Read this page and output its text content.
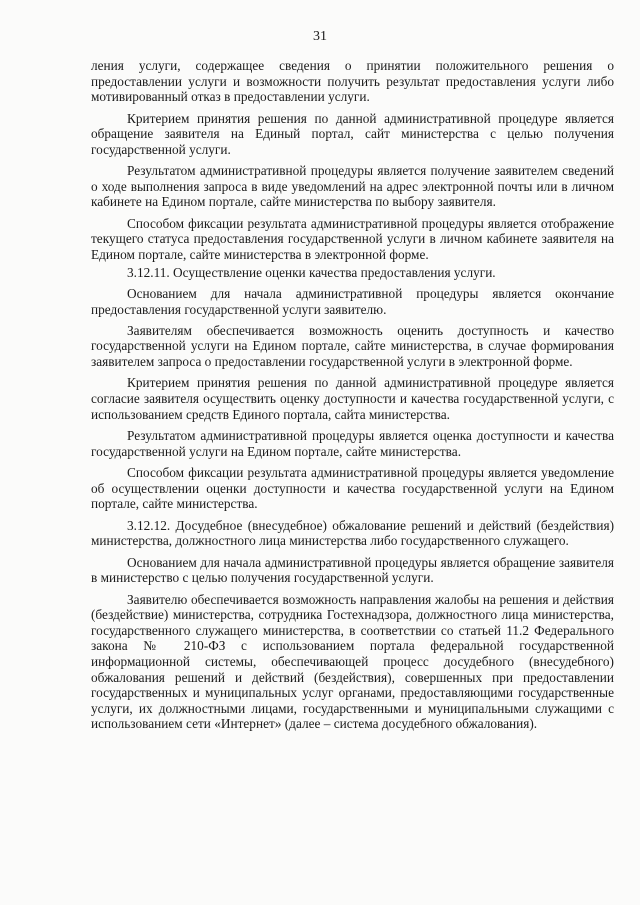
31

ления услуги, содержащее сведения о принятии положительного решения о предоставлении услуги и возможности получить результат предоставления услуги либо мотивированный отказ в предоставлении услуги.

Критерием принятия решения по данной административной процедуре является обращение заявителя на Единый портал, сайт министерства с целью получения государственной услуги.

Результатом административной процедуры является получение заявителем сведений о ходе выполнения запроса в виде уведомлений на адрес электронной почты или в личном кабинете на Едином портале, сайте министерства по выбору заявителя.

Способом фиксации результата административной процедуры является отображение текущего статуса предоставления государственной услуги в личном кабинете заявителя на Едином портале, сайте министерства в электронной форме.

3.12.11. Осуществление оценки качества предоставления услуги.

Основанием для начала административной процедуры является окончание предоставления государственной услуги заявителю.

Заявителям обеспечивается возможность оценить доступность и качество государственной услуги на Едином портале, сайте министерства, в случае формирования заявителем запроса о предоставлении государственной услуги в электронной форме.

Критерием принятия решения по данной административной процедуре является согласие заявителя осуществить оценку доступности и качества государственной услуги, с использованием средств Единого портала, сайта министерства.

Результатом административной процедуры является оценка доступности и качества государственной услуги на Едином портале, сайте министерства.

Способом фиксации результата административной процедуры является уведомление об осуществлении оценки доступности и качества государственной услуги на Едином портале, сайте министерства.

3.12.12. Досудебное (внесудебное) обжалование решений и действий (бездействия) министерства, должностного лица министерства либо государственного служащего.

Основанием для начала административной процедуры является обращение заявителя в министерство с целью получения государственной услуги.

Заявителю обеспечивается возможность направления жалобы на решения и действия (бездействие) министерства, сотрудника Гостехнадзора, должностного лица министерства, государственного служащего министерства, в соответствии со статьей 11.2 Федерального закона № 210-ФЗ с использованием портала федеральной государственной информационной системы, обеспечивающей процесс досудебного (внесудебного) обжалования решений и действий (бездействия), совершенных при предоставлении государственных и муниципальных услуг органами, предоставляющими государственные услуги, их должностными лицами, государственными и муниципальными служащими с использованием сети «Интернет» (далее – система досудебного обжалования).
